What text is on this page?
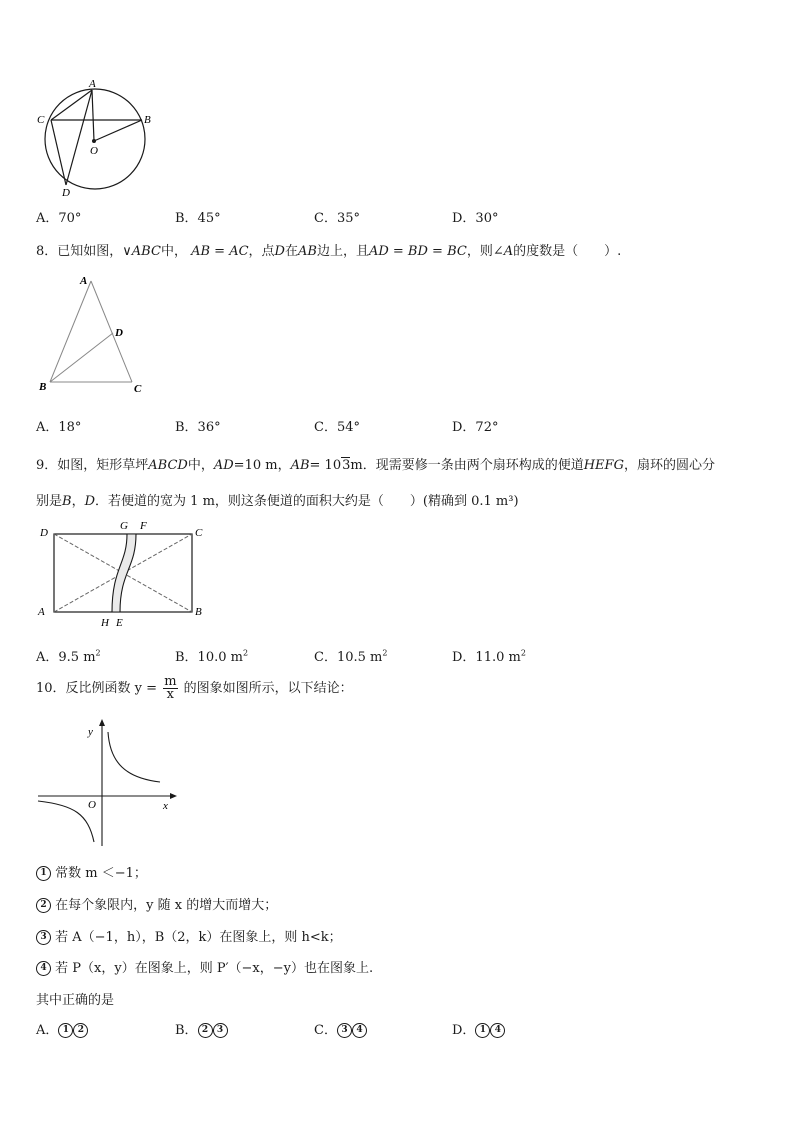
A
C	B
O
D
A．70°	B．45°	C．35°	D．30°
8．已知如图，∨ABC中， AB = AC，点D在AB边上，且AD = BD = BC，则∠A的度数是（　　）.
A
D
B	C
A．18°	B．36°	C．54°	D．72°
9．如图，矩形草坪ABCD中，AD=10 m，AB= 103m．现需要修一条由两个扇环构成的便道HEFG，扇环的圆心分
别是B，D．若便道的宽为 1 m，则这条便道的面积大约是（　　）(精确到 0.1 m³)
D
G F
C
A	B
H E
A．9.5 $m^2$	B．10.0 $m^2$	C．10.5 $m^2$	D．11.0 $m^2$
10．反比例函数 $y = \frac{m}{x}$ 的图象如图所示，以下结论：
y
x
O
1 常数 m ＜−1；
2 在每个象限内，y 随 x 的增大而增大；
3 若 A（−1，h），B（2，k）在图象上，则 h<k；
4 若 P（x，y）在图象上，则 P′（−x，−y）也在图象上.
其中正确的是
A． 1 2	B． 2 3	C． 3 4	D． 1 4
